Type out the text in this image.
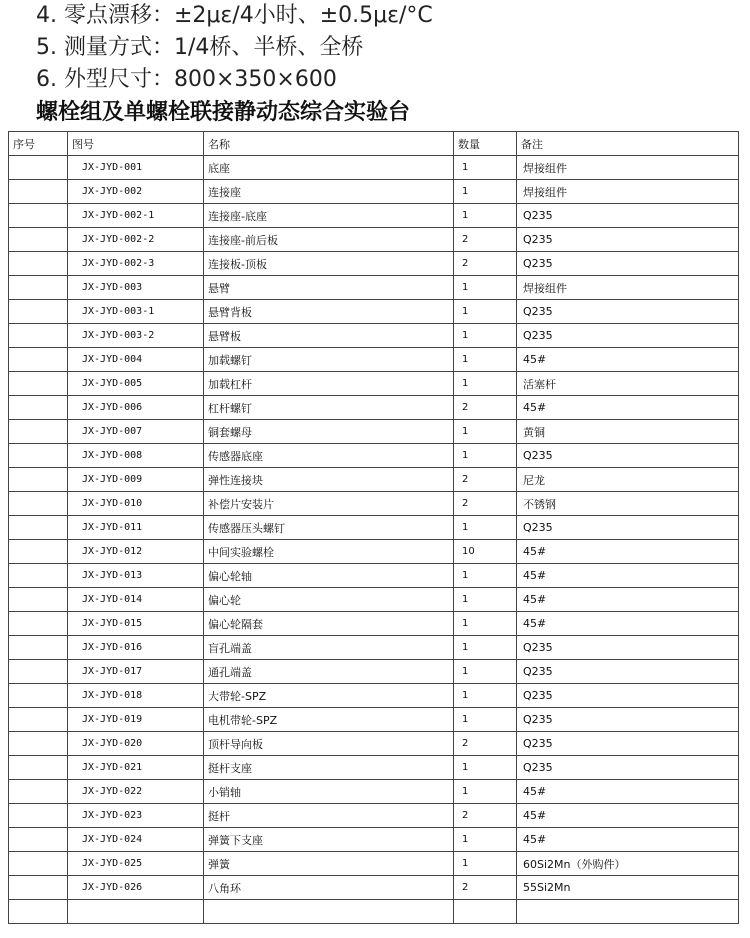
4. 零点漂移：±2με/4小时、±0.5με/°C
5. 测量方式：1/4桥、半桥、全桥
6. 外型尺寸：800×350×600
螺栓组及单螺栓联接静动态综合实验台
序号	图号	名称	数量	备注
	JX-JYD-001	底座	1	焊接组件
	JX-JYD-002	连接座	1	焊接组件
	JX-JYD-002-1	连接座-底座	1	Q235
	JX-JYD-002-2	连接座-前后板	2	Q235
	JX-JYD-002-3	连接板-顶板	2	Q235
	JX-JYD-003	悬臂	1	焊接组件
	JX-JYD-003-1	悬臂背板	1	Q235
	JX-JYD-003-2	悬臂板	1	Q235
	JX-JYD-004	加载螺钉	1	45#
	JX-JYD-005	加载杠杆	1	活塞杆
	JX-JYD-006	杠杆螺钉	2	45#
	JX-JYD-007	铜套螺母	1	黄铜
	JX-JYD-008	传感器底座	1	Q235
	JX-JYD-009	弹性连接块	2	尼龙
	JX-JYD-010	补偿片安装片	2	不锈钢
	JX-JYD-011	传感器压头螺钉	1	Q235
	JX-JYD-012	中间实验螺栓	10	45#
	JX-JYD-013	偏心轮轴	1	45#
	JX-JYD-014	偏心轮	1	45#
	JX-JYD-015	偏心轮隔套	1	45#
	JX-JYD-016	盲孔端盖	1	Q235
	JX-JYD-017	通孔端盖	1	Q235
	JX-JYD-018	大带轮-SPZ	1	Q235
	JX-JYD-019	电机带轮-SPZ	1	Q235
	JX-JYD-020	顶杆导向板	2	Q235
	JX-JYD-021	挺杆支座	1	Q235
	JX-JYD-022	小销轴	1	45#
	JX-JYD-023	挺杆	2	45#
	JX-JYD-024	弹簧下支座	1	45#
	JX-JYD-025	弹簧	1	60Si2Mn（外购件）
	JX-JYD-026	八角环	2	55Si2Mn
